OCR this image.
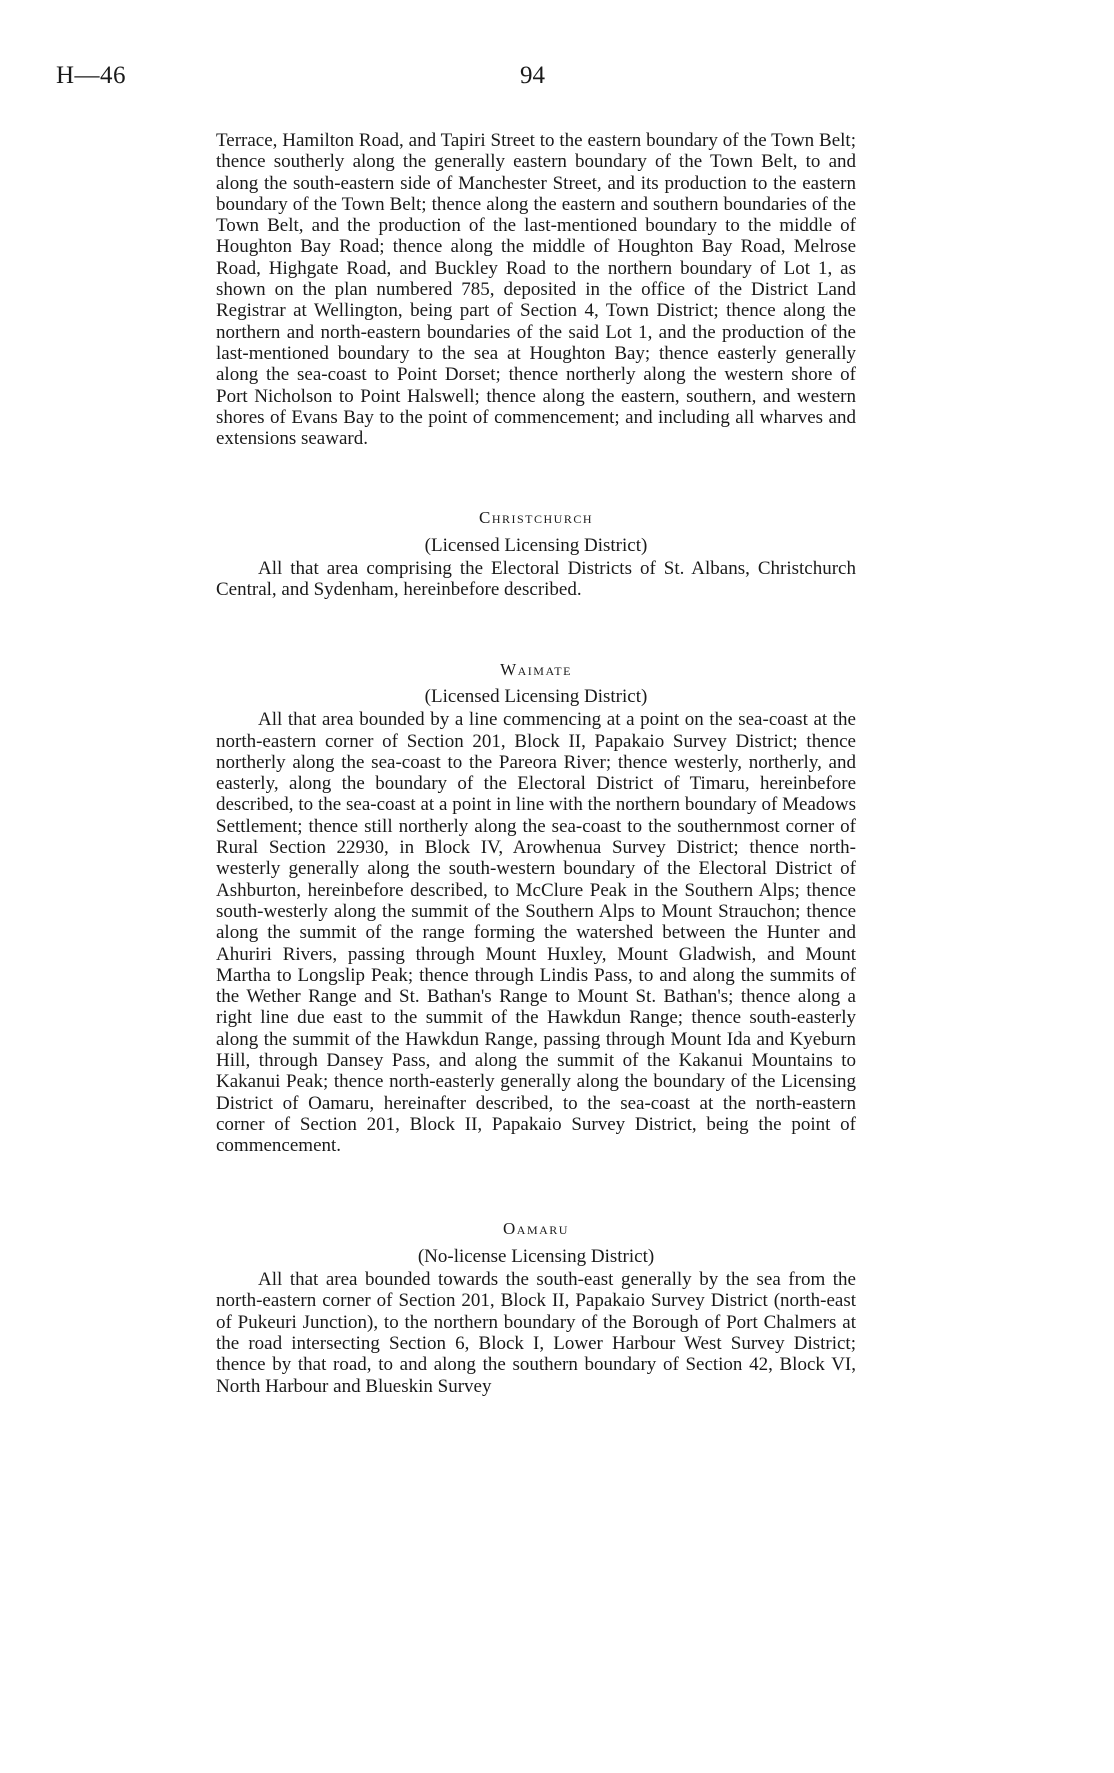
H—46	94

Terrace, Hamilton Road, and Tapiri Street to the eastern boundary of the Town Belt; thence southerly along the generally eastern boundary of the Town Belt, to and along the south-eastern side of Manchester Street, and its production to the eastern boundary of the Town Belt; thence along the eastern and southern boundaries of the Town Belt, and the production of the last-mentioned boundary to the middle of Houghton Bay Road; thence along the middle of Houghton Bay Road, Melrose Road, Highgate Road, and Buckley Road to the northern boundary of Lot 1, as shown on the plan numbered 785, deposited in the office of the District Land Registrar at Wellington, being part of Section 4, Town District; thence along the northern and north-eastern boundaries of the said Lot 1, and the production of the last-mentioned boundary to the sea at Houghton Bay; thence easterly generally along the sea-coast to Point Dorset; thence northerly along the western shore of Port Nicholson to Point Halswell; thence along the eastern, southern, and western shores of Evans Bay to the point of commencement; and including all wharves and extensions seaward.

Christchurch
(Licensed Licensing District)

All that area comprising the Electoral Districts of St. Albans, Christchurch Central, and Sydenham, hereinbefore described.

Waimate
(Licensed Licensing District)

All that area bounded by a line commencing at a point on the sea-coast at the north-eastern corner of Section 201, Block II, Papakaio Survey District; thence northerly along the sea-coast to the Pareora River; thence westerly, northerly, and easterly, along the boundary of the Electoral District of Timaru, hereinbefore described, to the sea-coast at a point in line with the northern boundary of Meadows Settlement; thence still northerly along the sea-coast to the southernmost corner of Rural Section 22930, in Block IV, Arowhenua Survey District; thence north-westerly generally along the south-western boundary of the Electoral District of Ashburton, hereinbefore described, to McClure Peak in the Southern Alps; thence south-westerly along the summit of the Southern Alps to Mount Strauchon; thence along the summit of the range forming the watershed between the Hunter and Ahuriri Rivers, passing through Mount Huxley, Mount Gladwish, and Mount Martha to Longslip Peak; thence through Lindis Pass, to and along the summits of the Wether Range and St. Bathan's Range to Mount St. Bathan's; thence along a right line due east to the summit of the Hawkdun Range; thence south-easterly along the summit of the Hawkdun Range, passing through Mount Ida and Kyeburn Hill, through Dansey Pass, and along the summit of the Kakanui Mountains to Kakanui Peak; thence north-easterly generally along the boundary of the Licensing District of Oamaru, hereinafter described, to the sea-coast at the north-eastern corner of Section 201, Block II, Papakaio Survey District, being the point of commencement.

Oamaru
(No-license Licensing District)

All that area bounded towards the south-east generally by the sea from the north-eastern corner of Section 201, Block II, Papakaio Survey District (north-east of Pukeuri Junction), to the northern boundary of the Borough of Port Chalmers at the road intersecting Section 6, Block I, Lower Harbour West Survey District; thence by that road, to and along the southern boundary of Section 42, Block VI, North Harbour and Blueskin Survey
